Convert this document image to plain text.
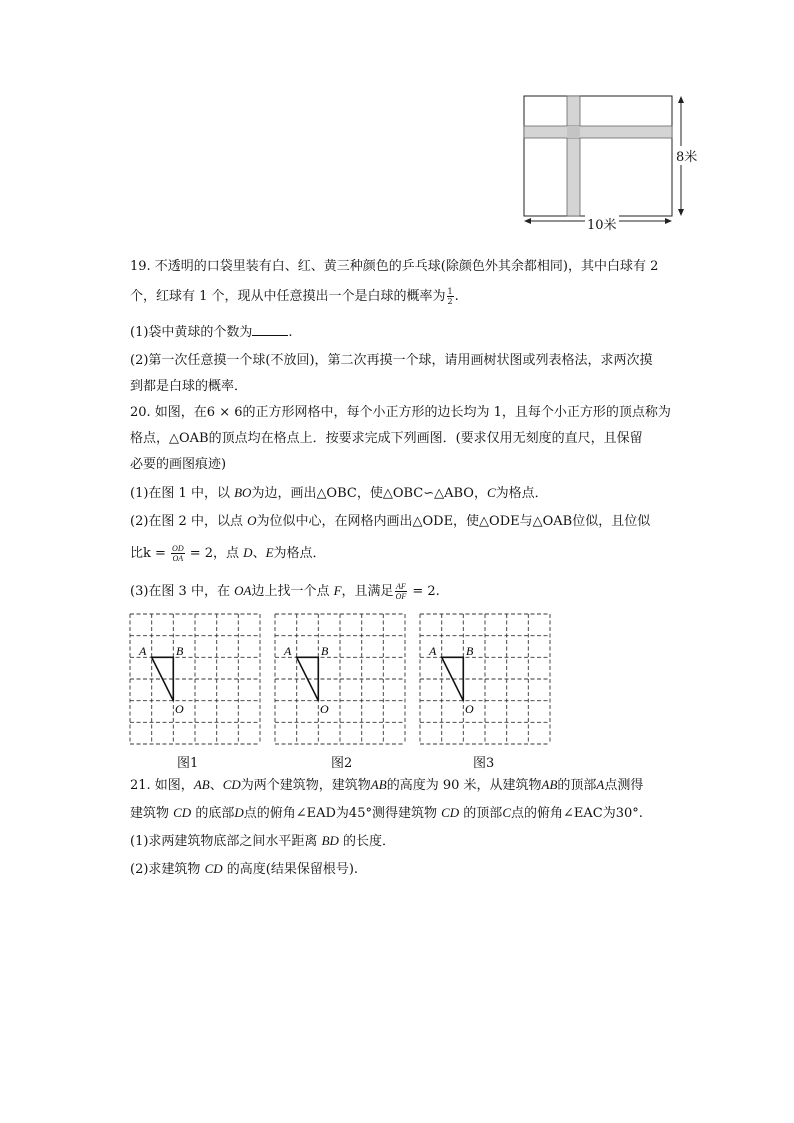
8米
10米
19. 不透明的口袋里装有白、红、黄三种颜色的乒乓球(除颜色外其余都相同)，其中白球有 2
个，红球有 1 个，现从中任意摸出一个是白球的概率为 $\frac{1}{2}$ .
(1)袋中黄球的个数为	.
(2)第一次任意摸一个球(不放回)，第二次再摸一个球，请用画树状图或列表格法，求两次摸
到都是白球的概率．
20. 如图，在6 × 6的正方形网格中，每个小正方形的边长均为 1，且每个小正方形的顶点称为
格点，△OAB的顶点均在格点上．按要求完成下列画图．(要求仅用无刻度的直尺，且保留
必要的画图痕迹)
(1)在图 1 中，以 BO为边，画出△OBC，使△OBC∽△ABO，C为格点．
(2)在图 2 中，以点 O为位似中心，在网格内画出△ODE，使△ODE与△OAB位似，且位似
比$k = \frac{OD}{OA} = 2$，点 D、E为格点．
(3)在图 3 中，在 OA边上找一个点 F，且满足 $\frac{AF}{OF} = 2$.
A B
O
图1
A B
O
图2
A B
O
图3
21. 如图，AB、CD为两个建筑物，建筑物AB的高度为 90 米，从建筑物AB的顶部A点测得
建筑物 CD 的底部D点的俯角∠EAD为45°测得建筑物 CD 的顶部C点的俯角∠EAC为30°.
(1)求两建筑物底部之间水平距离 BD 的长度．
(2)求建筑物 CD 的高度(结果保留根号).
